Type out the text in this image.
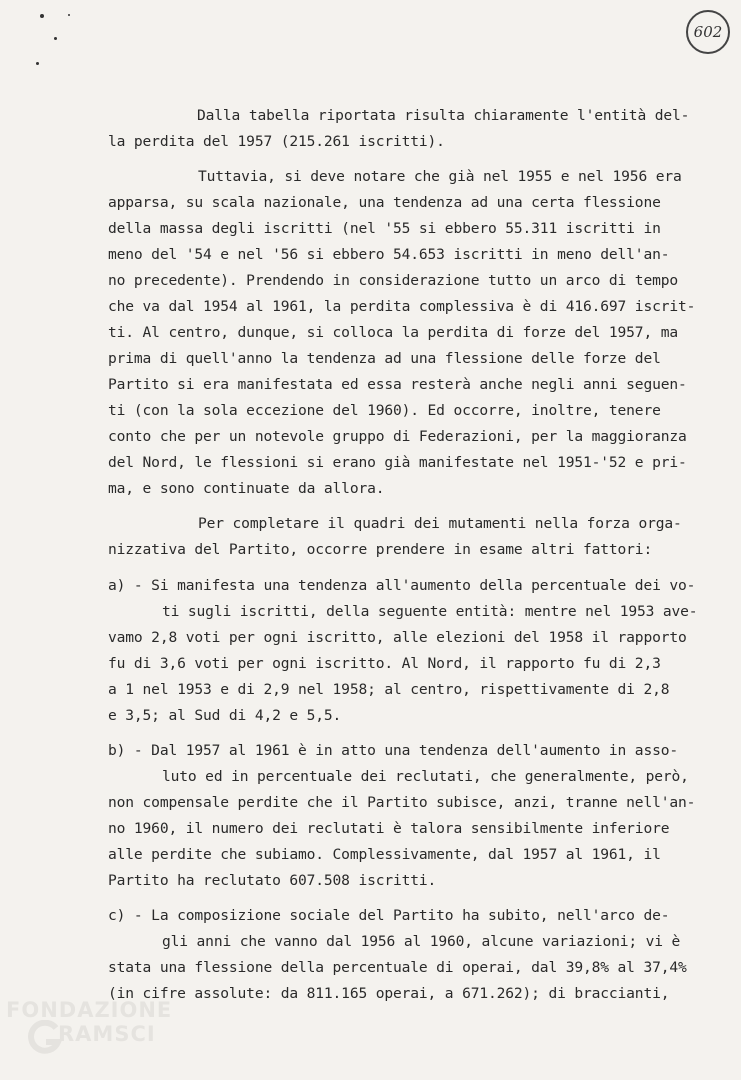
602
Dalla tabella riportata risulta chiaramente l'entità del-
la perdita del 1957 (215.261 iscritti).
Tuttavia, si deve notare che già nel 1955 e nel 1956 era
apparsa, su scala nazionale, una tendenza ad una certa flessione
della massa degli iscritti (nel '55 si ebbero 55.311 iscritti in
meno del '54 e nel '56 si ebbero 54.653 iscritti in meno dell'an-
no precedente). Prendendo in considerazione tutto un arco di tempo
che va dal 1954 al 1961, la perdita complessiva è di 416.697 iscrit-
ti. Al centro, dunque, si colloca la perdita di forze del 1957, ma
prima di quell'anno la tendenza ad una flessione delle forze del
Partito si era manifestata ed essa resterà anche negli anni seguen-
ti (con la sola eccezione del 1960). Ed occorre, inoltre, tenere
conto che per un notevole gruppo di Federazioni, per la maggioranza
del Nord, le flessioni si erano già manifestate nel 1951-'52 e pri-
ma, e sono continuate da allora.
Per completare il quadri dei mutamenti nella forza orga-
nizzativa del Partito, occorre prendere in esame altri fattori:
a) - Si manifesta una tendenza all'aumento della percentuale dei vo-
ti sugli iscritti, della seguente entità: mentre nel 1953 ave-
vamo 2,8 voti per ogni iscritto, alle elezioni del 1958 il rapporto
fu di 3,6 voti per ogni iscritto. Al Nord, il rapporto fu di 2,3
a 1 nel 1953 e di 2,9 nel 1958; al centro, rispettivamente di 2,8
e 3,5; al Sud di 4,2 e 5,5.
b) - Dal 1957 al 1961 è in atto una tendenza dell'aumento in asso-
luto ed in percentuale dei reclutati, che generalmente, però,
non compensale perdite che il Partito subisce, anzi, tranne nell'an-
no 1960, il numero dei reclutati è talora sensibilmente inferiore
alle perdite che subiamo. Complessivamente, dal 1957 al 1961, il
Partito ha reclutato 607.508 iscritti.
c) - La composizione sociale del Partito ha subito, nell'arco de-
gli anni che vanno dal 1956 al 1960, alcune variazioni; vi è
stata una flessione della percentuale di operai, dal 39,8% al 37,4%
(in cifre assolute: da 811.165 operai, a 671.262); di braccianti,
FONDAZIONE
RAMSCI
